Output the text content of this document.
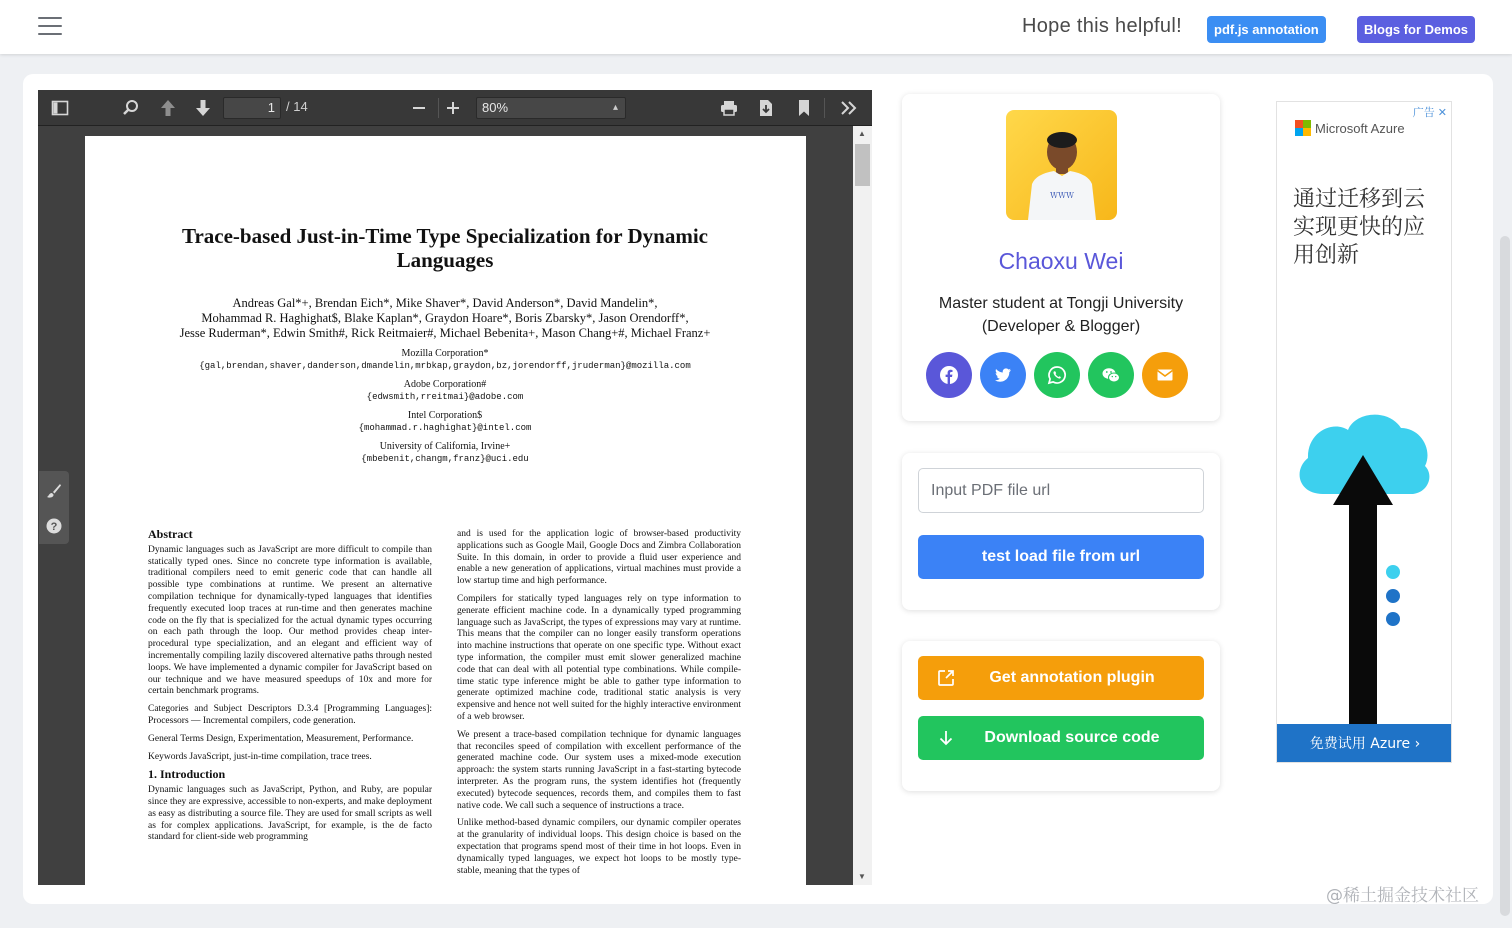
Hope this helpful!	pdf.js annotation	Blogs for Demos
1 / 14	80%	▴

Trace-based Just-in-Time Type Specialization for Dynamic Languages
Andreas Gal*+, Brendan Eich*, Mike Shaver*, David Anderson*, David Mandelin*,
Mohammad R. Haghighat$, Blake Kaplan*, Graydon Hoare*, Boris Zbarsky*, Jason Orendorff*,
Jesse Ruderman*, Edwin Smith#, Rick Reitmaier#, Michael Bebenita+, Mason Chang+#, Michael Franz+
Mozilla Corporation*
{gal,brendan,shaver,danderson,dmandelin,mrbkap,graydon,bz,jorendorff,jruderman}@mozilla.com
Adobe Corporation#
{edwsmith,rreitmai}@adobe.com
Intel Corporation$
{mohammad.r.haghighat}@intel.com
University of California, Irvine+
{mbebenit,changm,franz}@uci.edu
Abstract

Dynamic languages such as JavaScript are more difficult to compile than statically typed ones. Since no concrete type information is available, traditional compilers need to emit generic code that can handle all possible type combinations at runtime. We present an alternative compilation technique for dynamically-typed languages that identifies frequently executed loop traces at run-time and then generates machine code on the fly that is specialized for the actual dynamic types occurring on each path through the loop. Our method provides cheap inter-procedural type specialization, and an elegant and efficient way of incrementally compiling lazily discovered alternative paths through nested loops. We have implemented a dynamic compiler for JavaScript based on our technique and we have measured speedups of 10x and more for certain benchmark programs.

Categories and Subject Descriptors D.3.4 [Programming Languages]: Processors — Incremental compilers, code generation.

General Terms Design, Experimentation, Measurement, Performance.

Keywords JavaScript, just-in-time compilation, trace trees.

1. Introduction

Dynamic languages such as JavaScript, Python, and Ruby, are popular since they are expressive, accessible to non-experts, and make deployment as easy as distributing a source file. They are used for small scripts as well as for complex applications. JavaScript, for example, is the de facto standard for client-side web programming

and is used for the application logic of browser-based productivity applications such as Google Mail, Google Docs and Zimbra Collaboration Suite. In this domain, in order to provide a fluid user experience and enable a new generation of applications, virtual machines must provide a low startup time and high performance.

Compilers for statically typed languages rely on type information to generate efficient machine code. In a dynamically typed programming language such as JavaScript, the types of expressions may vary at runtime. This means that the compiler can no longer easily transform operations into machine instructions that operate on one specific type. Without exact type information, the compiler must emit slower generalized machine code that can deal with all potential type combinations. While compile-time static type inference might be able to gather type information to generate optimized machine code, traditional static analysis is very expensive and hence not well suited for the highly interactive environment of a web browser.

We present a trace-based compilation technique for dynamic languages that reconciles speed of compilation with excellent performance of the generated machine code. Our system uses a mixed-mode execution approach: the system starts running JavaScript in a fast-starting bytecode interpreter. As the program runs, the system identifies hot (frequently executed) bytecode sequences, records them, and compiles them to fast native code. We call such a sequence of instructions a trace.

Unlike method-based dynamic compilers, our dynamic compiler operates at the granularity of individual loops. This design choice is based on the expectation that programs spend most of their time in hot loops. Even in dynamically typed languages, we expect hot loops to be mostly type-stable, meaning that the types of

▲
▼
?
ＷＷＷ
Chaoxu Wei
Master student at Tongji University
(Developer & Blogger)
Input PDF file url
test load file from url
Get annotation plugin
Download source code
广告 ✕
Microsoft Azure
通过迁移到云实现更快的应用创新
免费试用 Azure ›
@稀土掘金技术社区
